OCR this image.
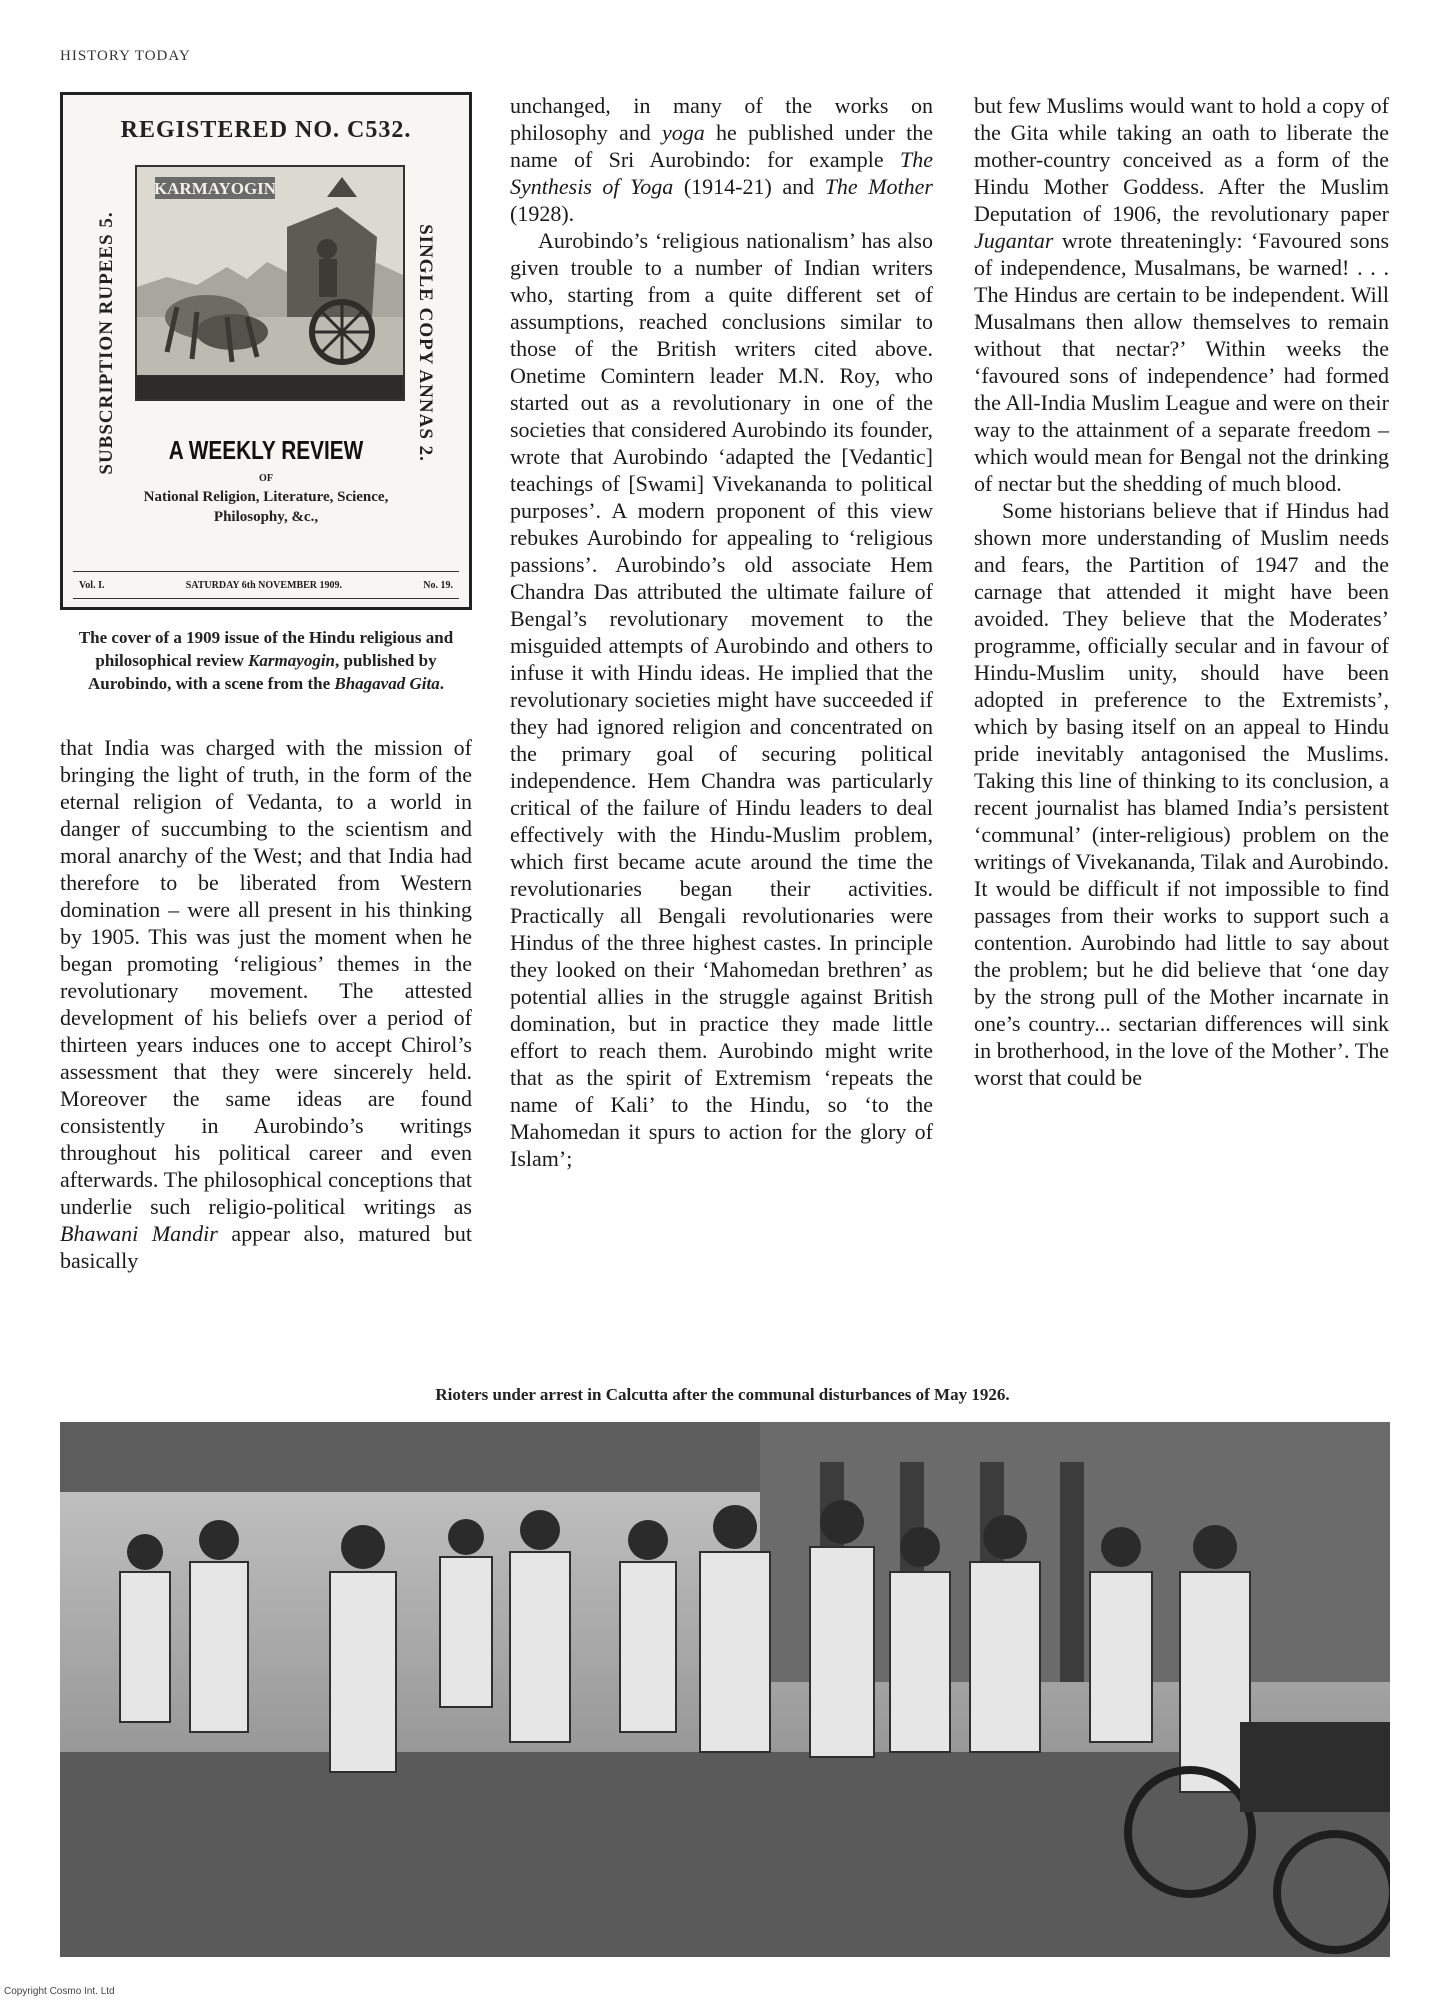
HISTORY TODAY
REGISTERED NO. C532.
SUBSCRIPTION RUPEES 5.	SINGLE COPY ANNAS 2.
KARMAYOGIN
A WEEKLY REVIEW
OF
National Religion, Literature, Science,
Philosophy, &c.,
Vol. I.	SATURDAY 6th NOVEMBER 1909.	No. 19.
The cover of a 1909 issue of the Hindu religious and philosophical review Karmayogin, published by Aurobindo, with a scene from the Bhagavad Gita.

that India was charged with the mission of bringing the light of truth, in the form of the eternal religion of Vedanta, to a world in danger of succumbing to the scientism and moral anarchy of the West; and that India had therefore to be liberated from Western domination – were all present in his thinking by 1905. This was just the moment when he began promoting ‘religious’ themes in the revolutionary movement. The attested development of his beliefs over a period of thirteen years induces one to accept Chirol’s assessment that they were sincerely held. Moreover the same ideas are found consistently in Aurobindo’s writings throughout his political career and even afterwards. The philosophical conceptions that underlie such religio-political writings as Bhawani Mandir appear also, matured but basically

unchanged, in many of the works on philosophy and yoga he published under the name of Sri Aurobindo: for example The Synthesis of Yoga (1914-21) and The Mother (1928).

Aurobindo’s ‘religious nationalism’ has also given trouble to a number of Indian writers who, starting from a quite different set of assumptions, reached conclusions similar to those of the British writers cited above. Onetime Comintern leader M.N. Roy, who started out as a revolutionary in one of the societies that considered Aurobindo its founder, wrote that Aurobindo ‘adapted the [Vedantic] teachings of [Swami] Vivekananda to political purposes’. A modern proponent of this view rebukes Aurobindo for appealing to ‘religious passions’. Aurobindo’s old associate Hem Chandra Das attributed the ultimate failure of Bengal’s revolutionary movement to the misguided attempts of Aurobindo and others to infuse it with Hindu ideas. He implied that the revolutionary societies might have succeeded if they had ignored religion and concentrated on the primary goal of securing political independence. Hem Chandra was particularly critical of the failure of Hindu leaders to deal effectively with the Hindu-Muslim problem, which first became acute around the time the revolutionaries began their activities. Practically all Bengali revolutionaries were Hindus of the three highest castes. In principle they looked on their ‘Mahomedan brethren’ as potential allies in the struggle against British domination, but in practice they made little effort to reach them. Aurobindo might write that as the spirit of Extremism ‘repeats the name of Kali’ to the Hindu, so ‘to the Mahomedan it spurs to action for the glory of Islam’;

but few Muslims would want to hold a copy of the Gita while taking an oath to liberate the mother-country conceived as a form of the Hindu Mother Goddess. After the Muslim Deputation of 1906, the revolutionary paper Jugantar wrote threateningly: ‘Favoured sons of independence, Musalmans, be warned! . . . The Hindus are certain to be independent. Will Musalmans then allow themselves to remain without that nectar?’ Within weeks the ‘favoured sons of independence’ had formed the All-India Muslim League and were on their way to the attainment of a separate freedom – which would mean for Bengal not the drinking of nectar but the shedding of much blood.

Some historians believe that if Hindus had shown more understanding of Muslim needs and fears, the Partition of 1947 and the carnage that attended it might have been avoided. They believe that the Moderates’ programme, officially secular and in favour of Hindu-Muslim unity, should have been adopted in preference to the Extremists’, which by basing itself on an appeal to Hindu pride inevitably antagonised the Muslims. Taking this line of thinking to its conclusion, a recent journalist has blamed India’s persistent ‘communal’ (inter-religious) problem on the writings of Vivekananda, Tilak and Aurobindo. It would be difficult if not impossible to find passages from their works to support such a contention. Aurobindo had little to say about the problem; but he did believe that ‘one day by the strong pull of the Mother incarnate in one’s country... sectarian differences will sink in brotherhood, in the love of the Mother’. The worst that could be

Rioters under arrest in Calcutta after the communal disturbances of May 1926.
Copyright Cosmo Int. Ltd
